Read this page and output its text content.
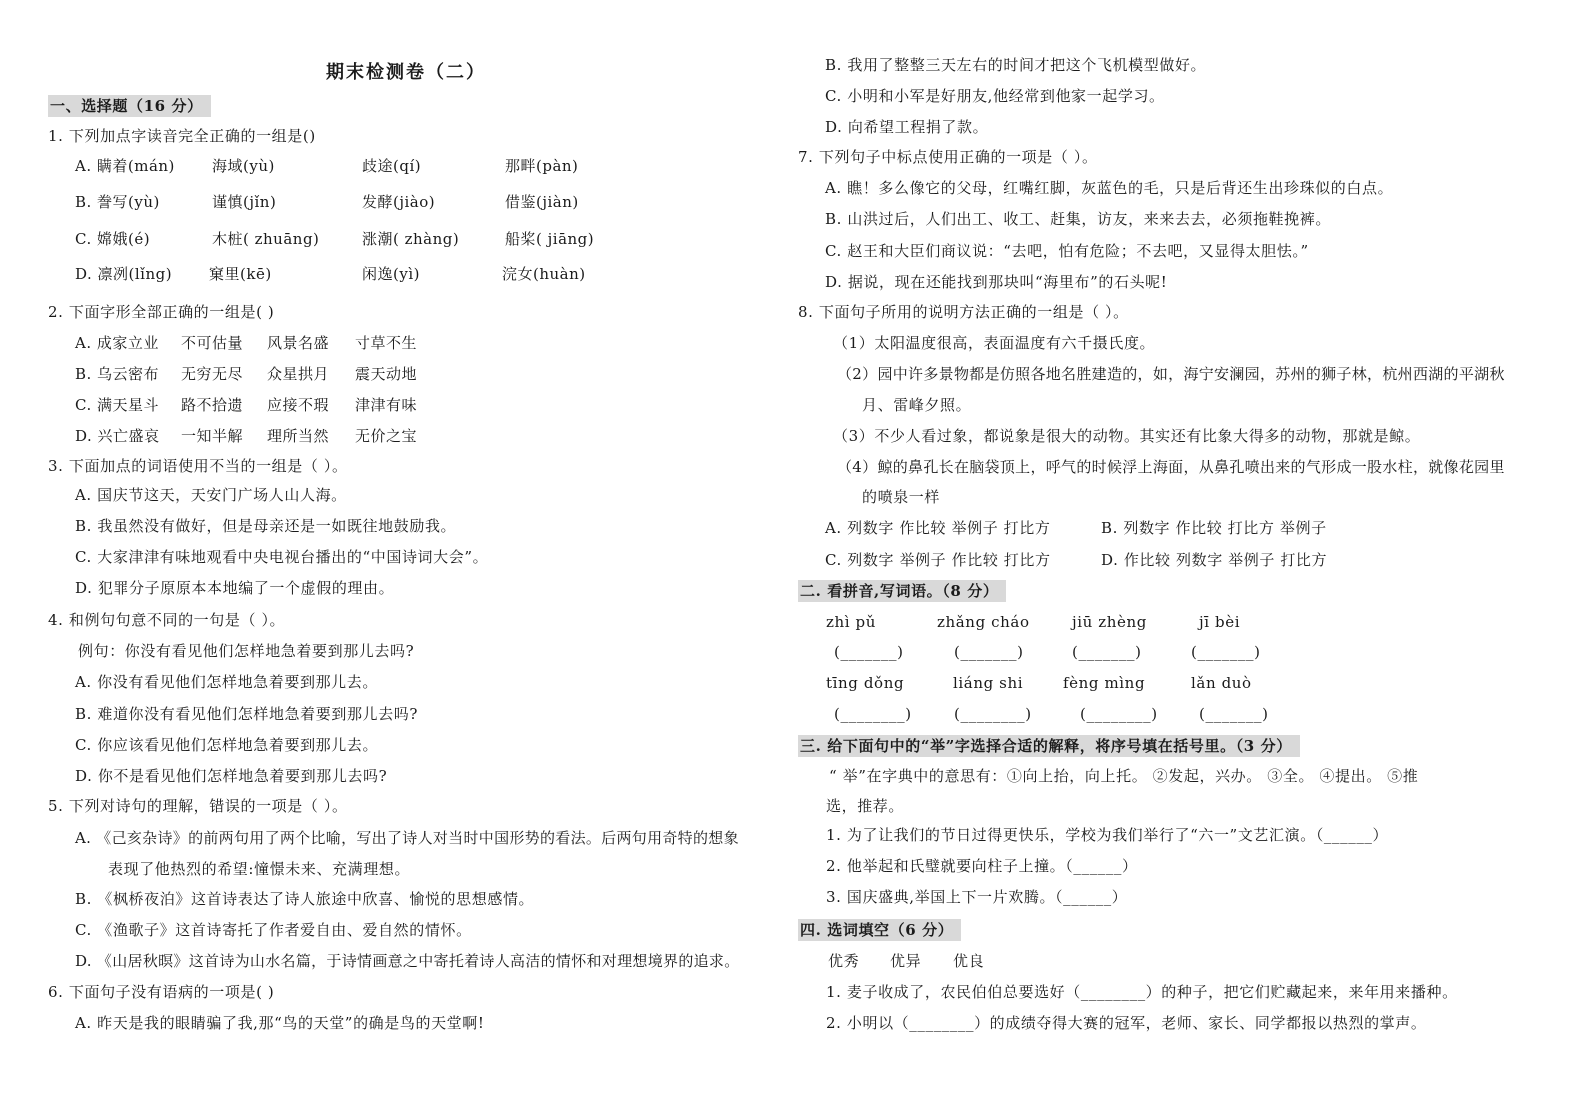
期末检测卷（二）
一、选择题（16 分）
1. 下列加点字读音完全正确的一组是()
A. 瞒着(mán) 海域(yù)	歧途(qí)	那畔(pàn)
B. 誊写(yù)	谨慎(jǐn)	发酵(jiào)	借鉴(jiàn)
C. 嫦娥(é)	木桩( zhuāng)	涨潮( zhàng)	船桨( jiāng)
D. 凛冽(lǐng) 窠里(kē)	闲逸(yì)	浣女(huàn)
2. 下面字形全部正确的一组是( )
A. 成家立业 不可估量 风景名盛 寸草不生
B. 乌云密布 无穷无尽 众星拱月 震天动地
C. 满天星斗 路不拾遗 应接不瑕 津津有味
D. 兴亡盛哀 一知半解 理所当然 无价之宝
3. 下面加点的词语使用不当的一组是（ ）。
A. 国庆节这天，天安门广场人山人海。
B. 我虽然没有做好，但是母亲还是一如既往地鼓励我。
C. 大家津津有味地观看中央电视台播出的“中国诗词大会”。
D. 犯罪分子原原本本地编了一个虚假的理由。
4. 和例句句意不同的一句是（ ）。
例句：你没有看见他们怎样地急着要到那儿去吗?
A. 你没有看见他们怎样地急着要到那儿去。
B. 难道你没有看见他们怎样地急着要到那儿去吗?
C. 你应该看见他们怎样地急着要到那儿去。
D. 你不是看见他们怎样地急着要到那儿去吗?
5. 下列对诗句的理解，错误的一项是（ ）。
A. 《己亥杂诗》的前两句用了两个比喻，写出了诗人对当时中国形势的看法。后两句用奇特的想象
表现了他热烈的希望:憧憬未来、充满理想。
B. 《枫桥夜泊》这首诗表达了诗人旅途中欣喜、愉悦的思想感情。
C. 《渔歌子》这首诗寄托了作者爱自由、爱自然的情怀。
D. 《山居秋暝》这首诗为山水名篇，于诗情画意之中寄托着诗人高洁的情怀和对理想境界的追求。
6. 下面句子没有语病的一项是( )
A. 昨天是我的眼睛骗了我,那“鸟的天堂”的确是鸟的天堂啊!
B. 我用了整整三天左右的时间才把这个飞机模型做好。
C. 小明和小军是好朋友,他经常到他家一起学习。
D. 向希望工程捐了款。
7. 下列句子中标点使用正确的一项是（ ）。
A. 瞧！多么像它的父母，红嘴红脚，灰蓝色的毛，只是后背还生出珍珠似的白点。
B. 山洪过后，人们出工、收工、赶集，访友，来来去去，必须拖鞋挽裤。
C. 赵王和大臣们商议说：“去吧，怕有危险；不去吧，又显得太胆怯。”
D. 据说，现在还能找到那块叫“海里布”的石头呢!
8. 下面句子所用的说明方法正确的一组是（ ）。
（1）太阳温度很高，表面温度有六千摄氏度。
（2）园中许多景物都是仿照各地名胜建造的，如，海宁安澜园，苏州的狮子林，杭州西湖的平湖秋
月、雷峰夕照。
（3）不少人看过象，都说象是很大的动物。其实还有比象大得多的动物，那就是鲸。
（4）鲸的鼻孔长在脑袋顶上，呼气的时候浮上海面，从鼻孔喷出来的气形成一股水柱，就像花园里
的喷泉一样
A. 列数字 作比较 举例子 打比方	B. 列数字 作比较 打比方 举例子
C. 列数字 举例子 作比较 打比方	D. 作比较 列数字 举例子 打比方
二. 看拼音,写词语。（8 分）
zhì pǔ	zhǎng cháo	jiū zhèng	jī bèi
(_______)	(_______)	(_______)	(_______)
tīng dǒng	liáng shi	fèng mìng	lǎn duò
(________)	(________)	(________)	(_______)
三. 给下面句中的“举”字选择合适的解释，将序号填在括号里。（3 分）
“ 举”在字典中的意思有：①向上抬，向上托。 ②发起，兴办。 ③全。 ④提出。 ⑤推
选，推荐。
1. 为了让我们的节日过得更快乐，学校为我们举行了“六一”文艺汇演。（______）
2. 他举起和氏璧就要向柱子上撞。（______）
3. 国庆盛典,举国上下一片欢腾。（______）
四. 选词填空（6 分）
优秀 优异 优良
1. 麦子收成了，农民伯伯总要选好（________）的种子，把它们贮藏起来，来年用来播种。
2. 小明以（________）的成绩夺得大赛的冠军，老师、家长、同学都报以热烈的掌声。
